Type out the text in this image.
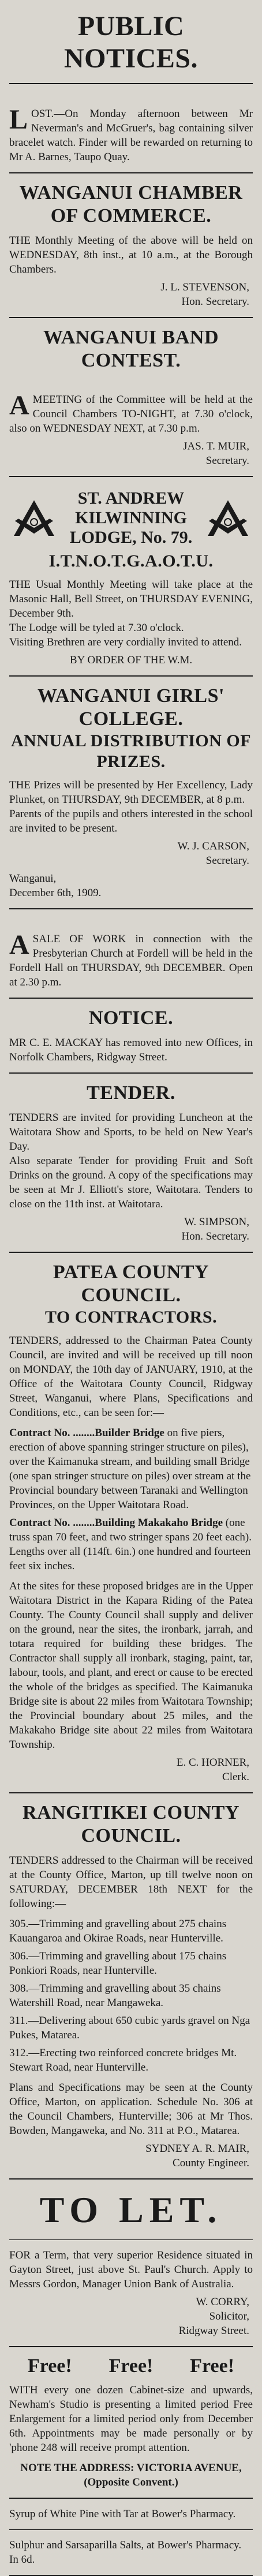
PUBLIC NOTICES.

LOST.—On Monday afternoon between Mr Neverman's and McGruer's, bag containing silver bracelet watch. Finder will be rewarded on returning to Mr A. Barnes, Taupo Quay.

WANGANUI CHAMBER OF COMMERCE.
THE Monthly Meeting of the above will be held on WEDNESDAY, 8th inst., at 10 a.m., at the Borough Chambers.
J. L. STEVENSON,
Hon. Secretary.
WANGANUI BAND CONTEST.

AMEETING of the Committee will be held at the Council Chambers TO-NIGHT, at 7.30 o'clock, also on WEDNESDAY NEXT, at 7.30 p.m.

JAS. T. MUIR,
Secretary.
ST. ANDREW KILWINNING LODGE, No. 79.
I.T.N.O.T.G.A.O.T.U.
THE Usual Monthly Meeting will take place at the Masonic Hall, Bell Street, on THURSDAY EVENING, December 9th.
The Lodge will be tyled at 7.30 o'clock.
Visiting Brethren are very cordially invited to attend.
BY ORDER OF THE W.M.
WANGANUI GIRLS' COLLEGE.
ANNUAL DISTRIBUTION OF PRIZES.
THE Prizes will be presented by Her Excellency, Lady Plunket, on THURSDAY, 9th DECEMBER, at 8 p.m.
Parents of the pupils and others interested in the school are invited to be present.
W. J. CARSON,
Secretary.
Wanganui,
December 6th, 1909.

ASALE OF WORK in connection with the Presbyterian Church at Fordell will be held in the Fordell Hall on THURSDAY, 9th DECEMBER. Open at 2.30 p.m.

NOTICE.
MR C. E. MACKAY has removed into new Offices, in Norfolk Chambers, Ridgway Street.
TENDER.
TENDERS are invited for providing Luncheon at the Waitotara Show and Sports, to be held on New Year's Day.
Also separate Tender for providing Fruit and Soft Drinks on the ground. A copy of the specifications may be seen at Mr J. Elliott's store, Waitotara. Tenders to close on the 11th inst. at Waitotara.
W. SIMPSON,
Hon. Secretary.
PATEA COUNTY COUNCIL.
TO CONTRACTORS.
TENDERS, addressed to the Chairman Patea County Council, are invited and will be received up till noon on MONDAY, the 10th day of JANUARY, 1910, at the Office of the Waitotara County Council, Ridgway Street, Wanganui, where Plans, Specifications and Conditions, etc., can be seen for:—
Contract No. ........Builder Bridge on five piers, erection of above spanning stringer structure on piles), over the Kaimanuka stream, and building small Bridge (one span stringer structure on piles) over stream at the Provincial boundary between Taranaki and Wellington Provinces, on the Upper Waitotara Road.
Contract No. ........Building Makakaho Bridge (one truss span 70 feet, and two stringer spans 20 feet each). Lengths over all (114ft. 6in.) one hundred and fourteen feet six inches.
At the sites for these proposed bridges are in the Upper Waitotara District in the Kapara Riding of the Patea County. The County Council shall supply and deliver on the ground, near the sites, the ironbark, jarrah, and totara required for building these bridges. The Contractor shall supply all ironbark, staging, paint, tar, labour, tools, and plant, and erect or cause to be erected the whole of the bridges as specified. The Kaimanuka Bridge site is about 22 miles from Waitotara Township; the Provincial boundary about 25 miles, and the Makakaho Bridge site about 22 miles from Waitotara Township.
E. C. HORNER,
Clerk.
RANGITIKEI COUNTY COUNCIL.
TENDERS addressed to the Chairman will be received at the County Office, Marton, up till twelve noon on SATURDAY, DECEMBER 18th NEXT for the following:—
305.—Trimming and gravelling about 275 chains Kauangaroa and Okirae Roads, near Hunterville.
306.—Trimming and gravelling about 175 chains Ponkiori Roads, near Hunterville.
308.—Trimming and gravelling about 35 chains Watershill Road, near Mangaweka.
311.—Delivering about 650 cubic yards gravel on Nga Pukes, Matarea.
312.—Erecting two reinforced concrete bridges Mt. Stewart Road, near Hunterville.
Plans and Specifications may be seen at the County Office, Marton, on application. Schedule No. 306 at the Council Chambers, Hunterville; 306 at Mr Thos. Bowden, Mangaweka, and No. 311 at P.O., Matarea.
SYDNEY A. R. MAIR,
County Engineer.
TO LET.
FOR a Term, that very superior Residence situated in Gayton Street, just above St. Paul's Church. Apply to Messrs Gordon, Manager Union Bank of Australia.
W. CORRY,
Solicitor,
Ridgway Street.
Free! Free! Free!
WITH every one dozen Cabinet-size and upwards, Newham's Studio is presenting a limited period Free Enlargement for a limited period only from December 6th. Appointments may be made personally or by 'phone 248 will receive prompt attention.
NOTE THE ADDRESS: VICTORIA AVENUE, (Opposite Convent.)
Syrup of White Pine with Tar at Bower's Pharmacy.
Sulphur and Sarsaparilla Salts, at Bower's Pharmacy. In 6d.
